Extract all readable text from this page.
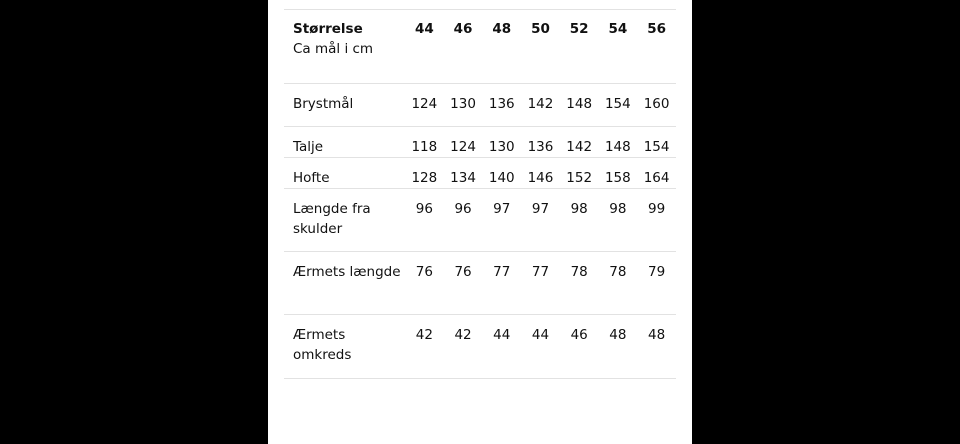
Størrelse
Ca mål i cm	44	46	48	50	52	54	56
Brystmål	124	130	136	142	148	154	160
Talje	118	124	130	136	142	148	154
Hofte	128	134	140	146	152	158	164
Længde fra skulder	96	96	97	97	98	98	99
Ærmets længde	76	76	77	77	78	78	79
Ærmets omkreds	42	42	44	44	46	48	48
